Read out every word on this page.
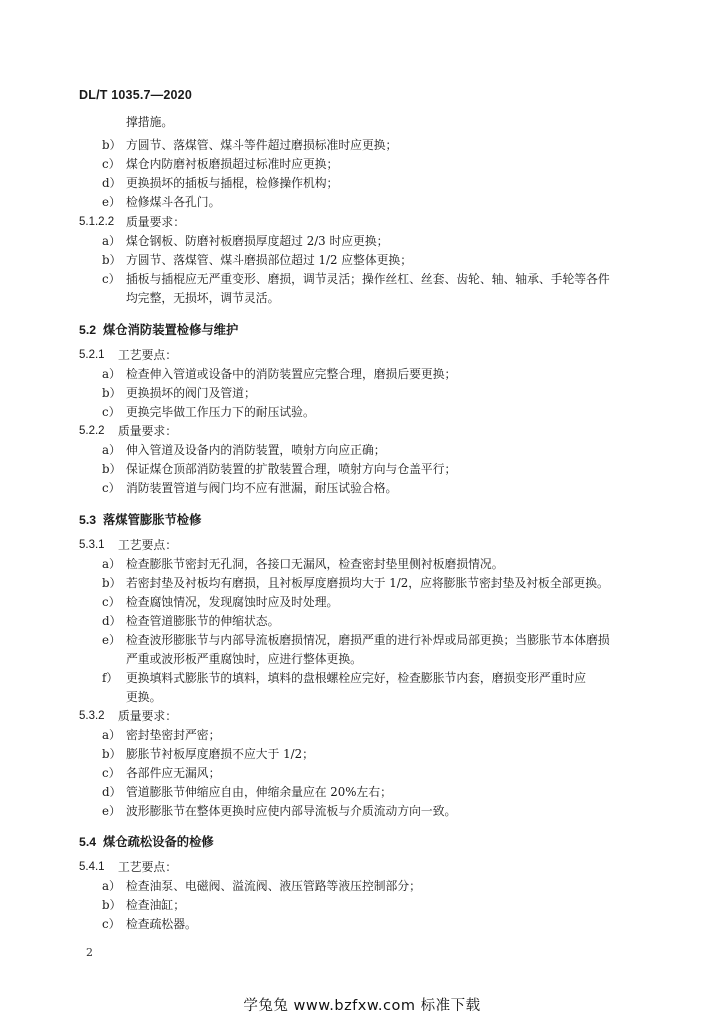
DL/T 1035.7—2020
撑措施。
b） 方圆节、落煤管、煤斗等件超过磨损标准时应更换；
c） 煤仓内防磨衬板磨损超过标准时应更换；
d） 更换损坏的插板与插棍，检修操作机构；
e） 检修煤斗各孔门。
5.1.2.2 质量要求：
a） 煤仓钢板、防磨衬板磨损厚度超过 2/3 时应更换；
b） 方圆节、落煤管、煤斗磨损部位超过 1/2 应整体更换；
c） 插板与插棍应无严重变形、磨损，调节灵活；操作丝杠、丝套、齿轮、轴、轴承、手轮等各件
均完整，无损坏，调节灵活。
5.2 煤仓消防装置检修与维护
5.2.1 工艺要点：
a） 检查伸入管道或设备中的消防装置应完整合理，磨损后要更换；
b） 更换损坏的阀门及管道；
c） 更换完毕做工作压力下的耐压试验。
5.2.2 质量要求：
a） 伸入管道及设备内的消防装置，喷射方向应正确；
b） 保证煤仓顶部消防装置的扩散装置合理，喷射方向与仓盖平行；
c） 消防装置管道与阀门均不应有泄漏，耐压试验合格。
5.3 落煤管膨胀节检修
5.3.1 工艺要点：
a） 检查膨胀节密封无孔洞，各接口无漏风，检查密封垫里侧衬板磨损情况。
b） 若密封垫及衬板均有磨损，且衬板厚度磨损均大于 1/2，应将膨胀节密封垫及衬板全部更换。
c） 检查腐蚀情况，发现腐蚀时应及时处理。
d） 检查管道膨胀节的伸缩状态。
e） 检查波形膨胀节与内部导流板磨损情况，磨损严重的进行补焊或局部更换；当膨胀节本体磨损
严重或波形板严重腐蚀时，应进行整体更换。
f） 更换填料式膨胀节的填料，填料的盘根螺栓应完好，检查膨胀节内套，磨损变形严重时应
更换。
5.3.2 质量要求：
a） 密封垫密封严密；
b） 膨胀节衬板厚度磨损不应大于 1/2；
c） 各部件应无漏风；
d） 管道膨胀节伸缩应自由，伸缩余量应在 20%左右；
e） 波形膨胀节在整体更换时应使内部导流板与介质流动方向一致。
5.4 煤仓疏松设备的检修
5.4.1 工艺要点：
a） 检查油泵、电磁阀、溢流阀、液压管路等液压控制部分；
b） 检查油缸；
c） 检查疏松器。
2
学兔兔 www.bzfxw.com 标准下载
